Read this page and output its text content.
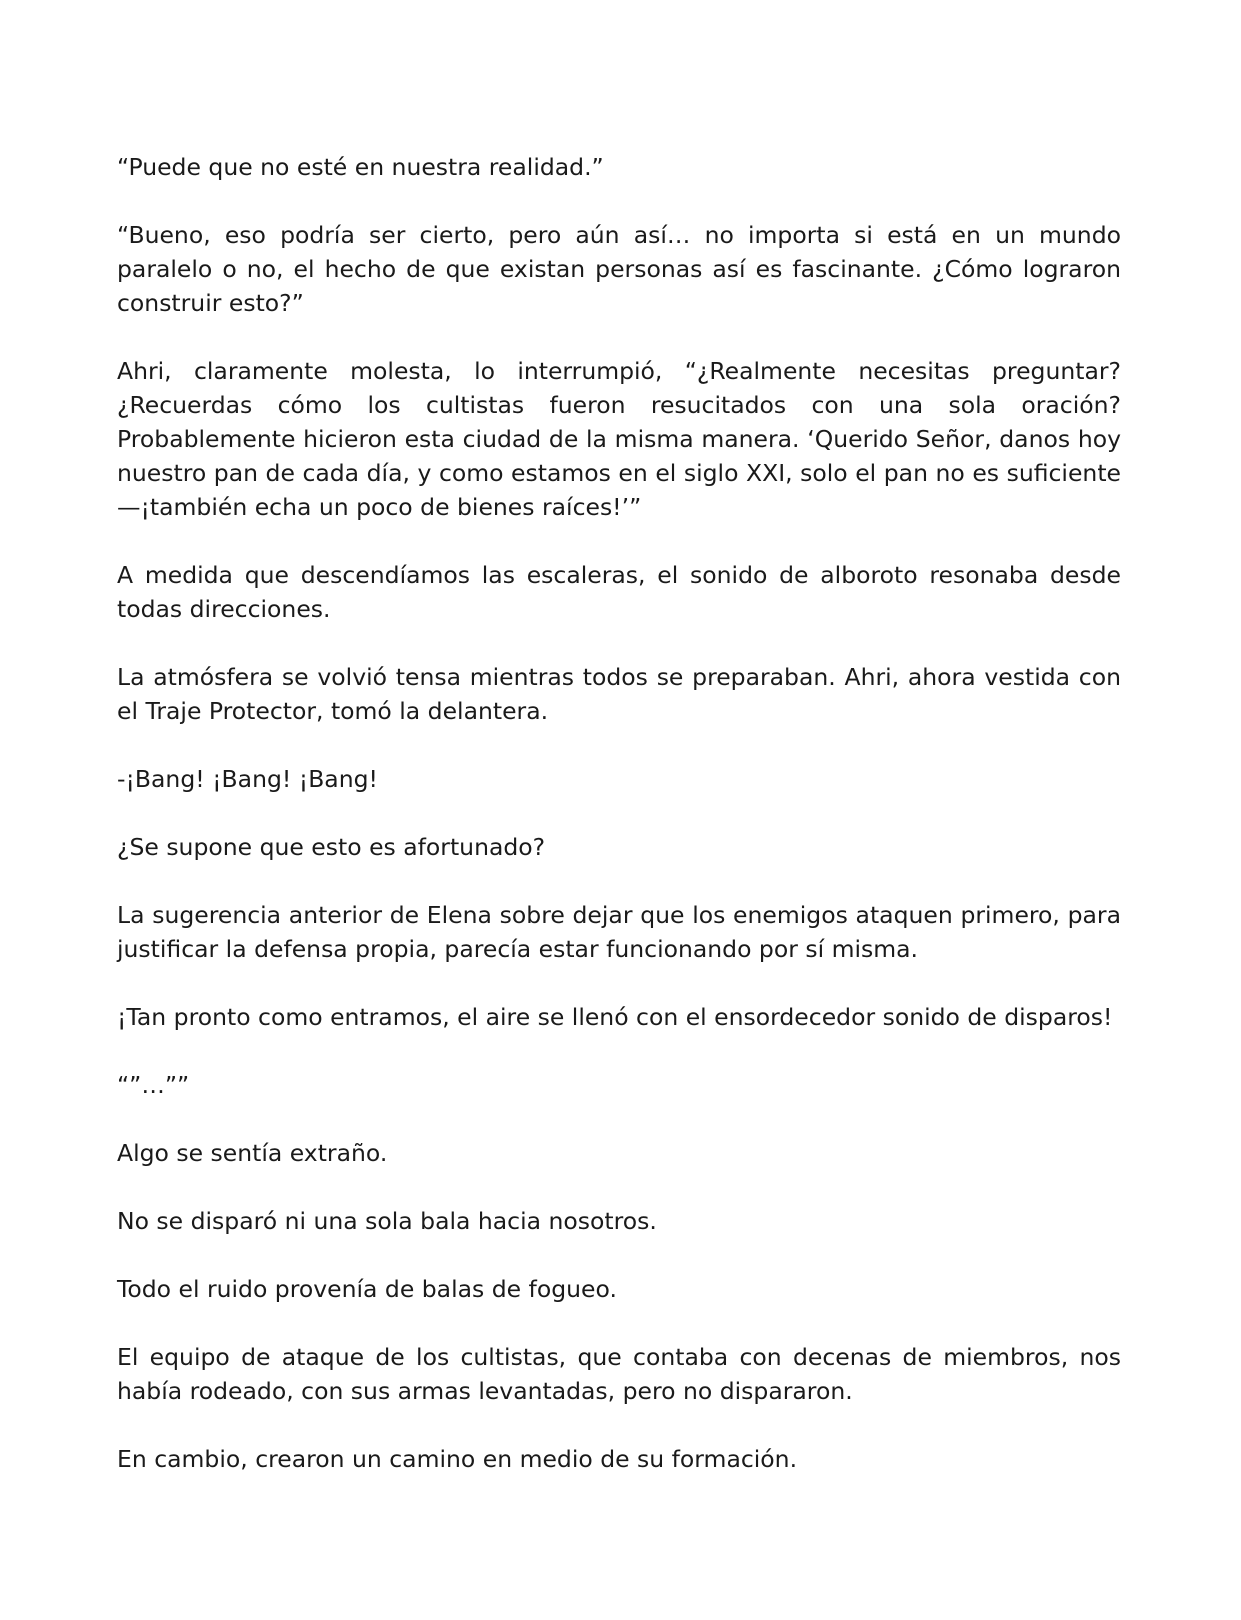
“Puede que no esté en nuestra realidad.”

“Bueno, eso podría ser cierto, pero aún así… no importa si está en un mundo paralelo o no, el hecho de que existan personas así es fascinante. ¿Cómo lograron construir esto?”

Ahri, claramente molesta, lo interrumpió, “¿Realmente necesitas preguntar? ¿Recuerdas cómo los cultistas fueron resucitados con una sola oración? Probablemente hicieron esta ciudad de la misma manera. ‘Querido Señor, danos hoy nuestro pan de cada día, y como estamos en el siglo XXI, solo el pan no es suficiente—¡también echa un poco de bienes raíces!’”

A medida que descendíamos las escaleras, el sonido de alboroto resonaba desde todas direcciones.

La atmósfera se volvió tensa mientras todos se preparaban. Ahri, ahora vestida con el Traje Protector, tomó la delantera.

-¡Bang! ¡Bang! ¡Bang!

¿Se supone que esto es afortunado?

La sugerencia anterior de Elena sobre dejar que los enemigos ataquen primero, para justificar la defensa propia, parecía estar funcionando por sí misma.

¡Tan pronto como entramos, el aire se llenó con el ensordecedor sonido de disparos!

“”…””

Algo se sentía extraño.

No se disparó ni una sola bala hacia nosotros.

Todo el ruido provenía de balas de fogueo.

El equipo de ataque de los cultistas, que contaba con decenas de miembros, nos había rodeado, con sus armas levantadas, pero no dispararon.

En cambio, crearon un camino en medio de su formación.
